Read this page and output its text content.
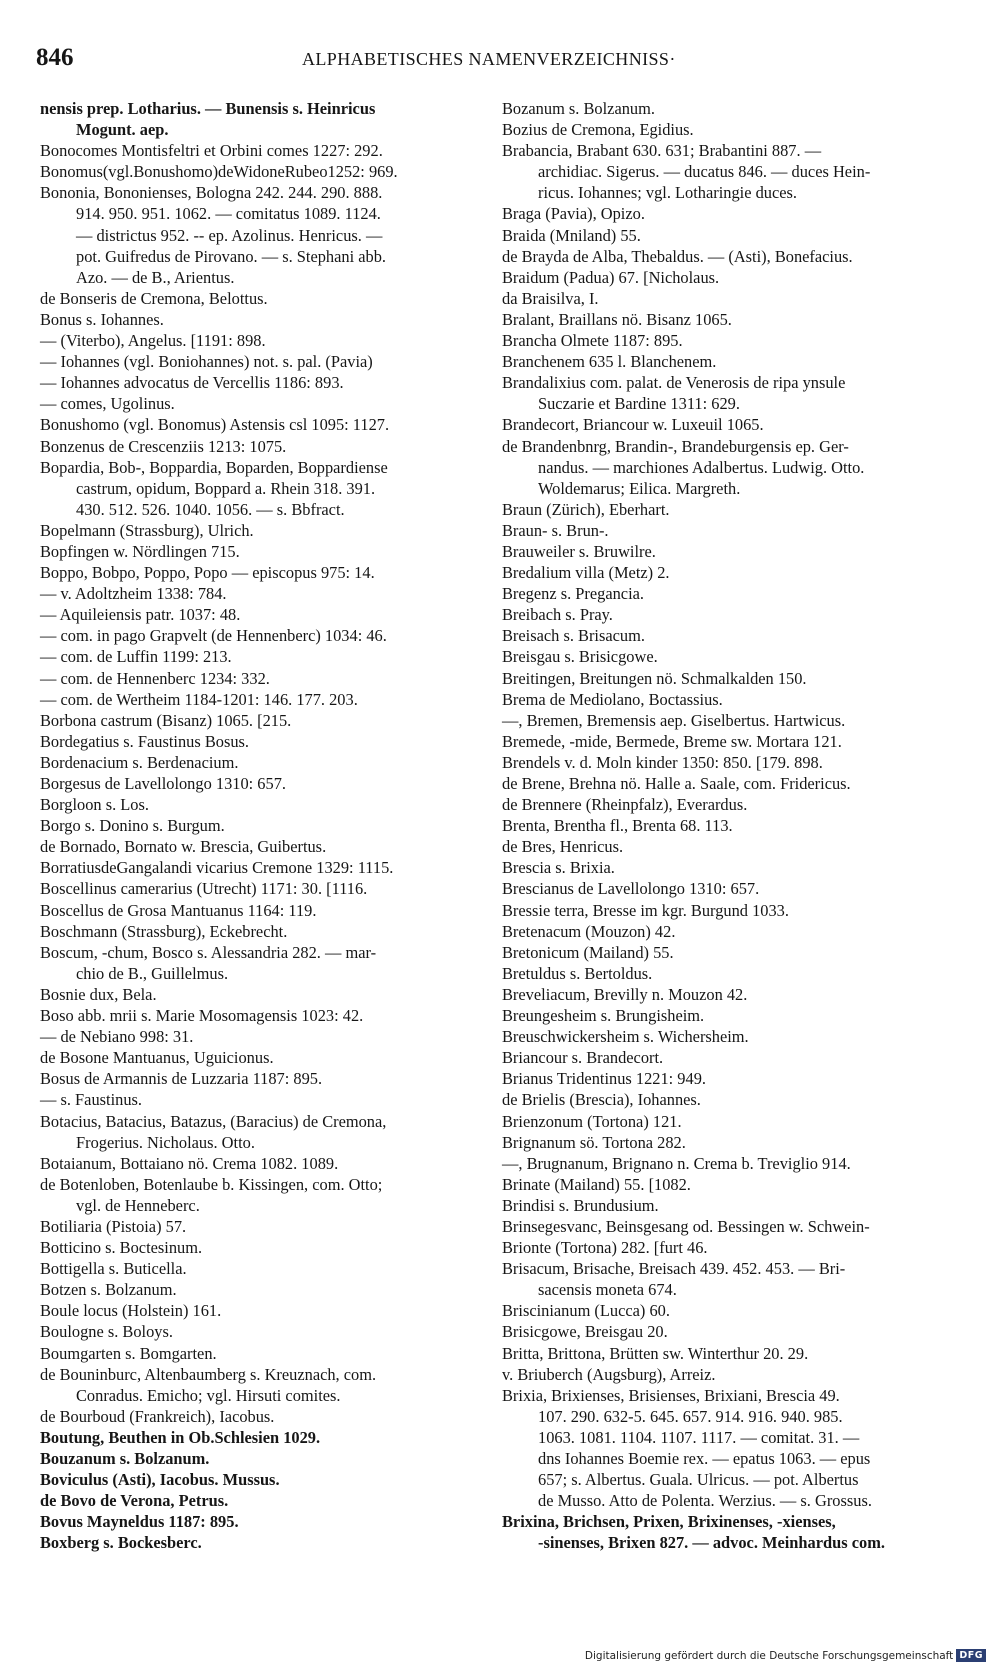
846	ALPHABETISCHES NAMENVERZEICHNISS·
nensis prep. Lotharius. — Bunensis s. Heinricus
Mogunt. aep.
Bonocomes Montisfeltri et Orbini comes 1227: 292.
Bonomus(vgl.Bonushomo)deWidoneRubeo1252: 969.
Bononia, Bononienses, Bologna 242. 244. 290. 888.
914. 950. 951. 1062. — comitatus 1089. 1124.
— districtus 952. -- ep. Azolinus. Henricus. —
pot. Guifredus de Pirovano. — s. Stephani abb.
Azo. — de B., Arientus.
de Bonseris de Cremona, Belottus.
Bonus s. Iohannes.
— (Viterbo), Angelus. [1191: 898.
— Iohannes (vgl. Boniohannes) not. s. pal. (Pavia)
— Iohannes advocatus de Vercellis 1186: 893.
— comes, Ugolinus.
Bonushomo (vgl. Bonomus) Astensis csl 1095: 1127.
Bonzenus de Crescenziis 1213: 1075.
Bopardia, Bob-, Boppardia, Boparden, Boppardiense
castrum, opidum, Boppard a. Rhein 318. 391.
430. 512. 526. 1040. 1056. — s. Bbfract.
Bopelmann (Strassburg), Ulrich.
Bopfingen w. Nördlingen 715.
Boppo, Bobpo, Poppo, Popo — episcopus 975: 14.
— v. Adoltzheim 1338: 784.
— Aquileiensis patr. 1037: 48.
— com. in pago Grapvelt (de Hennenberc) 1034: 46.
— com. de Luffin 1199: 213.
— com. de Hennenberc 1234: 332.
— com. de Wertheim 1184-1201: 146. 177. 203.
Borbona castrum (Bisanz) 1065. [215.
Bordegatius s. Faustinus Bosus.
Bordenacium s. Berdenacium.
Borgesus de Lavellolongo 1310: 657.
Borgloon s. Los.
Borgo s. Donino s. Burgum.
de Bornado, Bornato w. Brescia, Guibertus.
BorratiusdeGangalandi vicarius Cremone 1329: 1115.
Boscellinus camerarius (Utrecht) 1171: 30. [1116.
Boscellus de Grosa Mantuanus 1164: 119.
Boschmann (Strassburg), Eckebrecht.
Boscum, -chum, Bosco s. Alessandria 282. — mar-
chio de B., Guillelmus.
Bosnie dux, Bela.
Boso abb. mrii s. Marie Mosomagensis 1023: 42.
— de Nebiano 998: 31.
de Bosone Mantuanus, Uguicionus.
Bosus de Armannis de Luzzaria 1187: 895.
— s. Faustinus.
Botacius, Batacius, Batazus, (Baracius) de Cremona,
Frogerius. Nicholaus. Otto.
Botaianum, Bottaiano nö. Crema 1082. 1089.
de Botenloben, Botenlaube b. Kissingen, com. Otto;
vgl. de Henneberc.
Botiliaria (Pistoia) 57.
Botticino s. Boctesinum.
Bottigella s. Buticella.
Botzen s. Bolzanum.
Boule locus (Holstein) 161.
Boulogne s. Boloys.
Boumgarten s. Bomgarten.
de Bouninburc, Altenbaumberg s. Kreuznach, com.
Conradus. Emicho; vgl. Hirsuti comites.
de Bourboud (Frankreich), Iacobus.
Boutung, Beuthen in Ob.Schlesien 1029.
Bouzanum s. Bolzanum.
Boviculus (Asti), Iacobus. Mussus.
de Bovo de Verona, Petrus.
Bovus Mayneldus 1187: 895.
Boxberg s. Bockesberc.
Bozanum s. Bolzanum.
Bozius de Cremona, Egidius.
Brabancia, Brabant 630. 631; Brabantini 887. —
archidiac. Sigerus. — ducatus 846. — duces Hein-
ricus. Iohannes; vgl. Lotharingie duces.
Braga (Pavia), Opizo.
Braida (Mniland) 55.
de Brayda de Alba, Thebaldus. — (Asti), Bonefacius.
Braidum (Padua) 67. [Nicholaus.
da Braisilva, I.
Bralant, Braillans nö. Bisanz 1065.
Brancha Olmete 1187: 895.
Branchenem 635 l. Blanchenem.
Brandalixius com. palat. de Venerosis de ripa ynsule
Suczarie et Bardine 1311: 629.
Brandecort, Briancour w. Luxeuil 1065.
de Brandenbnrg, Brandin-, Brandeburgensis ep. Ger-
nandus. — marchiones Adalbertus. Ludwig. Otto.
Woldemarus; Eilica. Margreth.
Braun (Zürich), Eberhart.
Braun- s. Brun-.
Brauweiler s. Bruwilre.
Bredalium villa (Metz) 2.
Bregenz s. Pregancia.
Breibach s. Pray.
Breisach s. Brisacum.
Breisgau s. Brisicgowe.
Breitingen, Breitungen nö. Schmalkalden 150.
Brema de Mediolano, Boctassius.
—, Bremen, Bremensis aep. Giselbertus. Hartwicus.
Bremede, -mide, Bermede, Breme sw. Mortara 121.
Brendels v. d. Moln kinder 1350: 850. [179. 898.
de Brene, Brehna nö. Halle a. Saale, com. Fridericus.
de Brennere (Rheinpfalz), Everardus.
Brenta, Brentha fl., Brenta 68. 113.
de Bres, Henricus.
Brescia s. Brixia.
Brescianus de Lavellolongo 1310: 657.
Bressie terra, Bresse im kgr. Burgund 1033.
Bretenacum (Mouzon) 42.
Bretonicum (Mailand) 55.
Bretuldus s. Bertoldus.
Breveliacum, Brevilly n. Mouzon 42.
Breungesheim s. Brungisheim.
Breuschwickersheim s. Wichersheim.
Briancour s. Brandecort.
Brianus Tridentinus 1221: 949.
de Brielis (Brescia), Iohannes.
Brienzonum (Tortona) 121.
Brignanum sö. Tortona 282.
—, Brugnanum, Brignano n. Crema b. Treviglio 914.
Brinate (Mailand) 55. [1082.
Brindisi s. Brundusium.
Brinsegesvanc, Beinsgesang od. Bessingen w. Schwein-
Brionte (Tortona) 282. [furt 46.
Brisacum, Brisache, Breisach 439. 452. 453. — Bri-
sacensis moneta 674.
Briscinianum (Lucca) 60.
Brisicgowe, Breisgau 20.
Britta, Brittona, Brütten sw. Winterthur 20. 29.
v. Briuberch (Augsburg), Arreiz.
Brixia, Brixienses, Brisienses, Brixiani, Brescia 49.
107. 290. 632-5. 645. 657. 914. 916. 940. 985.
1063. 1081. 1104. 1107. 1117. — comitat. 31. —
dns Iohannes Boemie rex. — epatus 1063. — epus
657; s. Albertus. Guala. Ulricus. — pot. Albertus
de Musso. Atto de Polenta. Werzius. — s. Grossus.
Brixina, Brichsen, Prixen, Brixinenses, -xienses,
-sinenses, Brixen 827. — advoc. Meinhardus com.
Digitalisierung gefördert durch die Deutsche Forschungsgemeinschaft DFG
